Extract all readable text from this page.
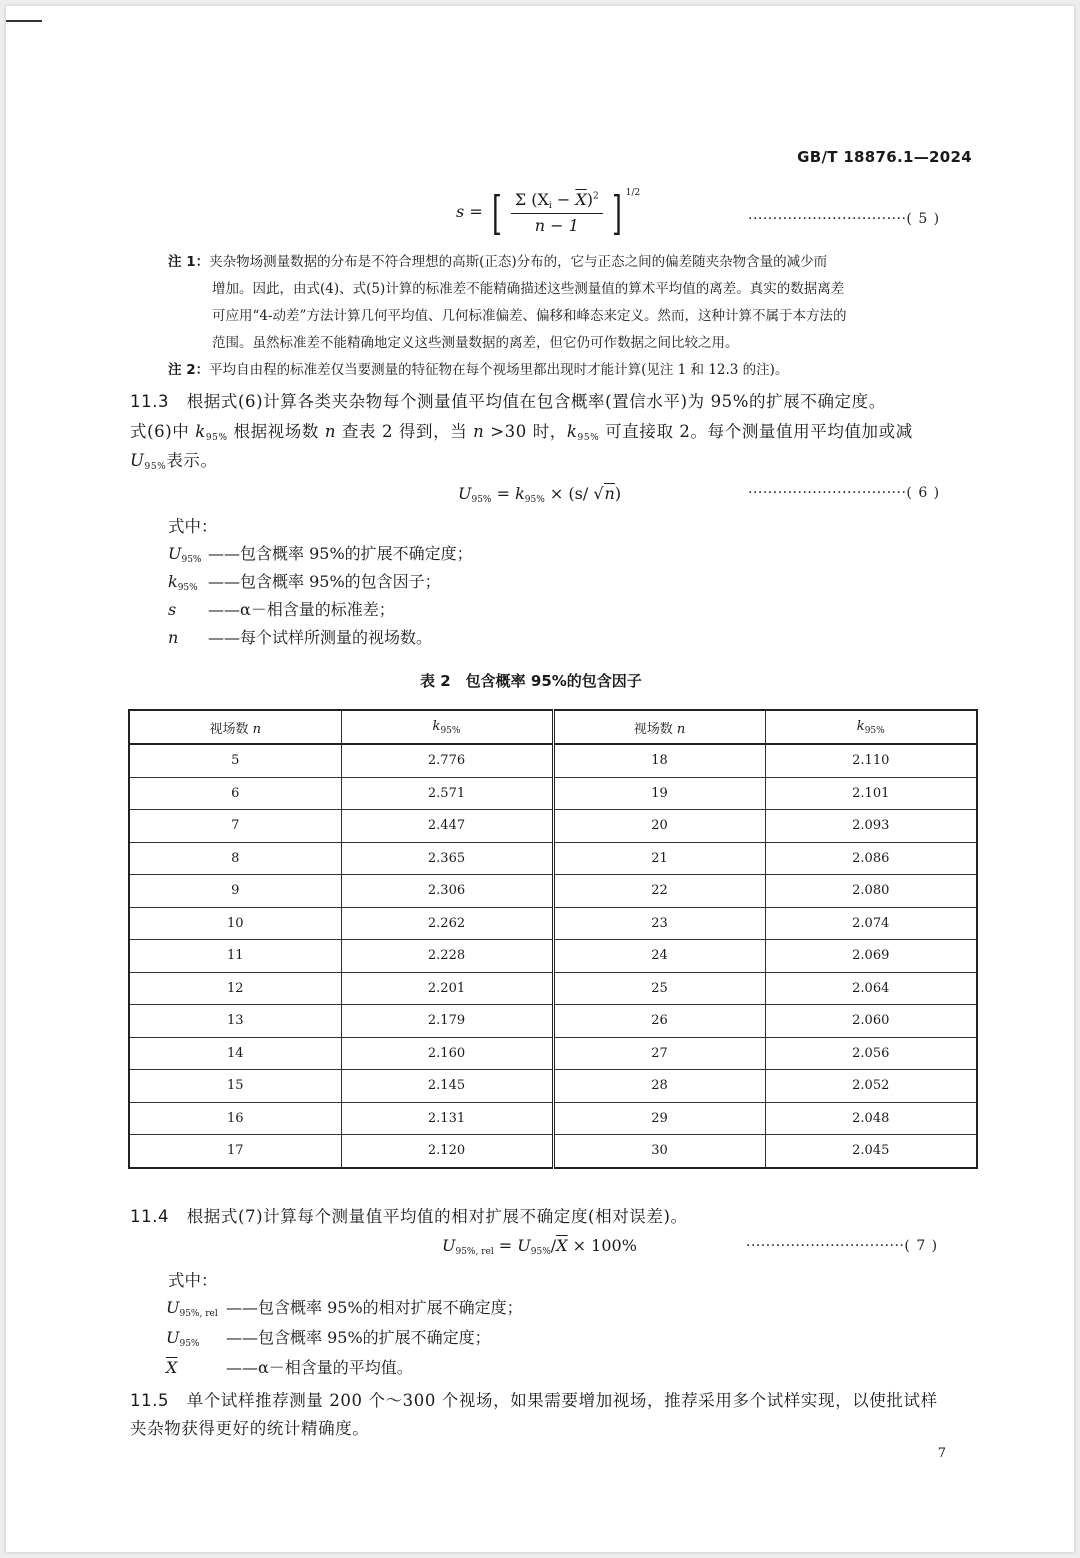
GB/T 18876.1—2024
s = [ $\frac{\Sigma (X_i - \overline{X})^2}{n - 1}$ ] $^{1/2}$
································( 5 )
注 1：夹杂物场测量数据的分布是不符合理想的高斯(正态)分布的，它与正态之间的偏差随夹杂物含量的减少而
增加。因此，由式(4)、式(5)计算的标准差不能精确描述这些测量值的算术平均值的离差。真实的数据离差
可应用“4-动差”方法计算几何平均值、几何标准偏差、偏移和峰态来定义。然而，这种计算不属于本方法的
范围。虽然标准差不能精确地定义这些测量数据的离差，但它仍可作数据之间比较之用。
注 2：平均自由程的标准差仅当要测量的特征物在每个视场里都出现时才能计算(见注 1 和 12.3 的注)。
11.3 根据式(6)计算各类夹杂物每个测量值平均值在包含概率(置信水平)为 95%的扩展不确定度。
式(6)中 $k_{95\%}$ 根据视场数 n 查表 2 得到，当 n >30 时，$k_{95\%}$ 可直接取 2。每个测量值用平均值加或减
$U_{95\%}$表示。
$U_{95\%} = k_{95\%} \times (s/$ √n)	································( 6 )
式中：
$U_{95\%}$ ——包含概率 95%的扩展不确定度；
$k_{95\%}$ ——包含概率 95%的包含因子；
s ——α－相含量的标准差；
n ——每个试样所测量的视场数。
表 2　包含概率 95%的包含因子
视场数 n	$k_{95\%}$	视场数 n	$k_{95\%}$
5	2.776	18	2.110
6	2.571	19	2.101
7	2.447	20	2.093
8	2.365	21	2.086
9	2.306	22	2.080
10	2.262	23	2.074
11	2.228	24	2.069
12	2.201	25	2.064
13	2.179	26	2.060
14	2.160	27	2.056
15	2.145	28	2.052
16	2.131	29	2.048
17	2.120	30	2.045
11.4 根据式(7)计算每个测量值平均值的相对扩展不确定度(相对误差)。
$U_{95\%, rel} = U_{95\%}/\overline{X} \times 100\%$	································( 7 )
式中：
$U_{95\%, rel}$ ——包含概率 95%的相对扩展不确定度；
$U_{95\%}$ ——包含概率 95%的扩展不确定度；
$\overline{X}$	——α－相含量的平均值。
11.5 单个试样推荐测量 200 个～300 个视场，如果需要增加视场，推荐采用多个试样实现，以使批试样
夹杂物获得更好的统计精确度。
7
